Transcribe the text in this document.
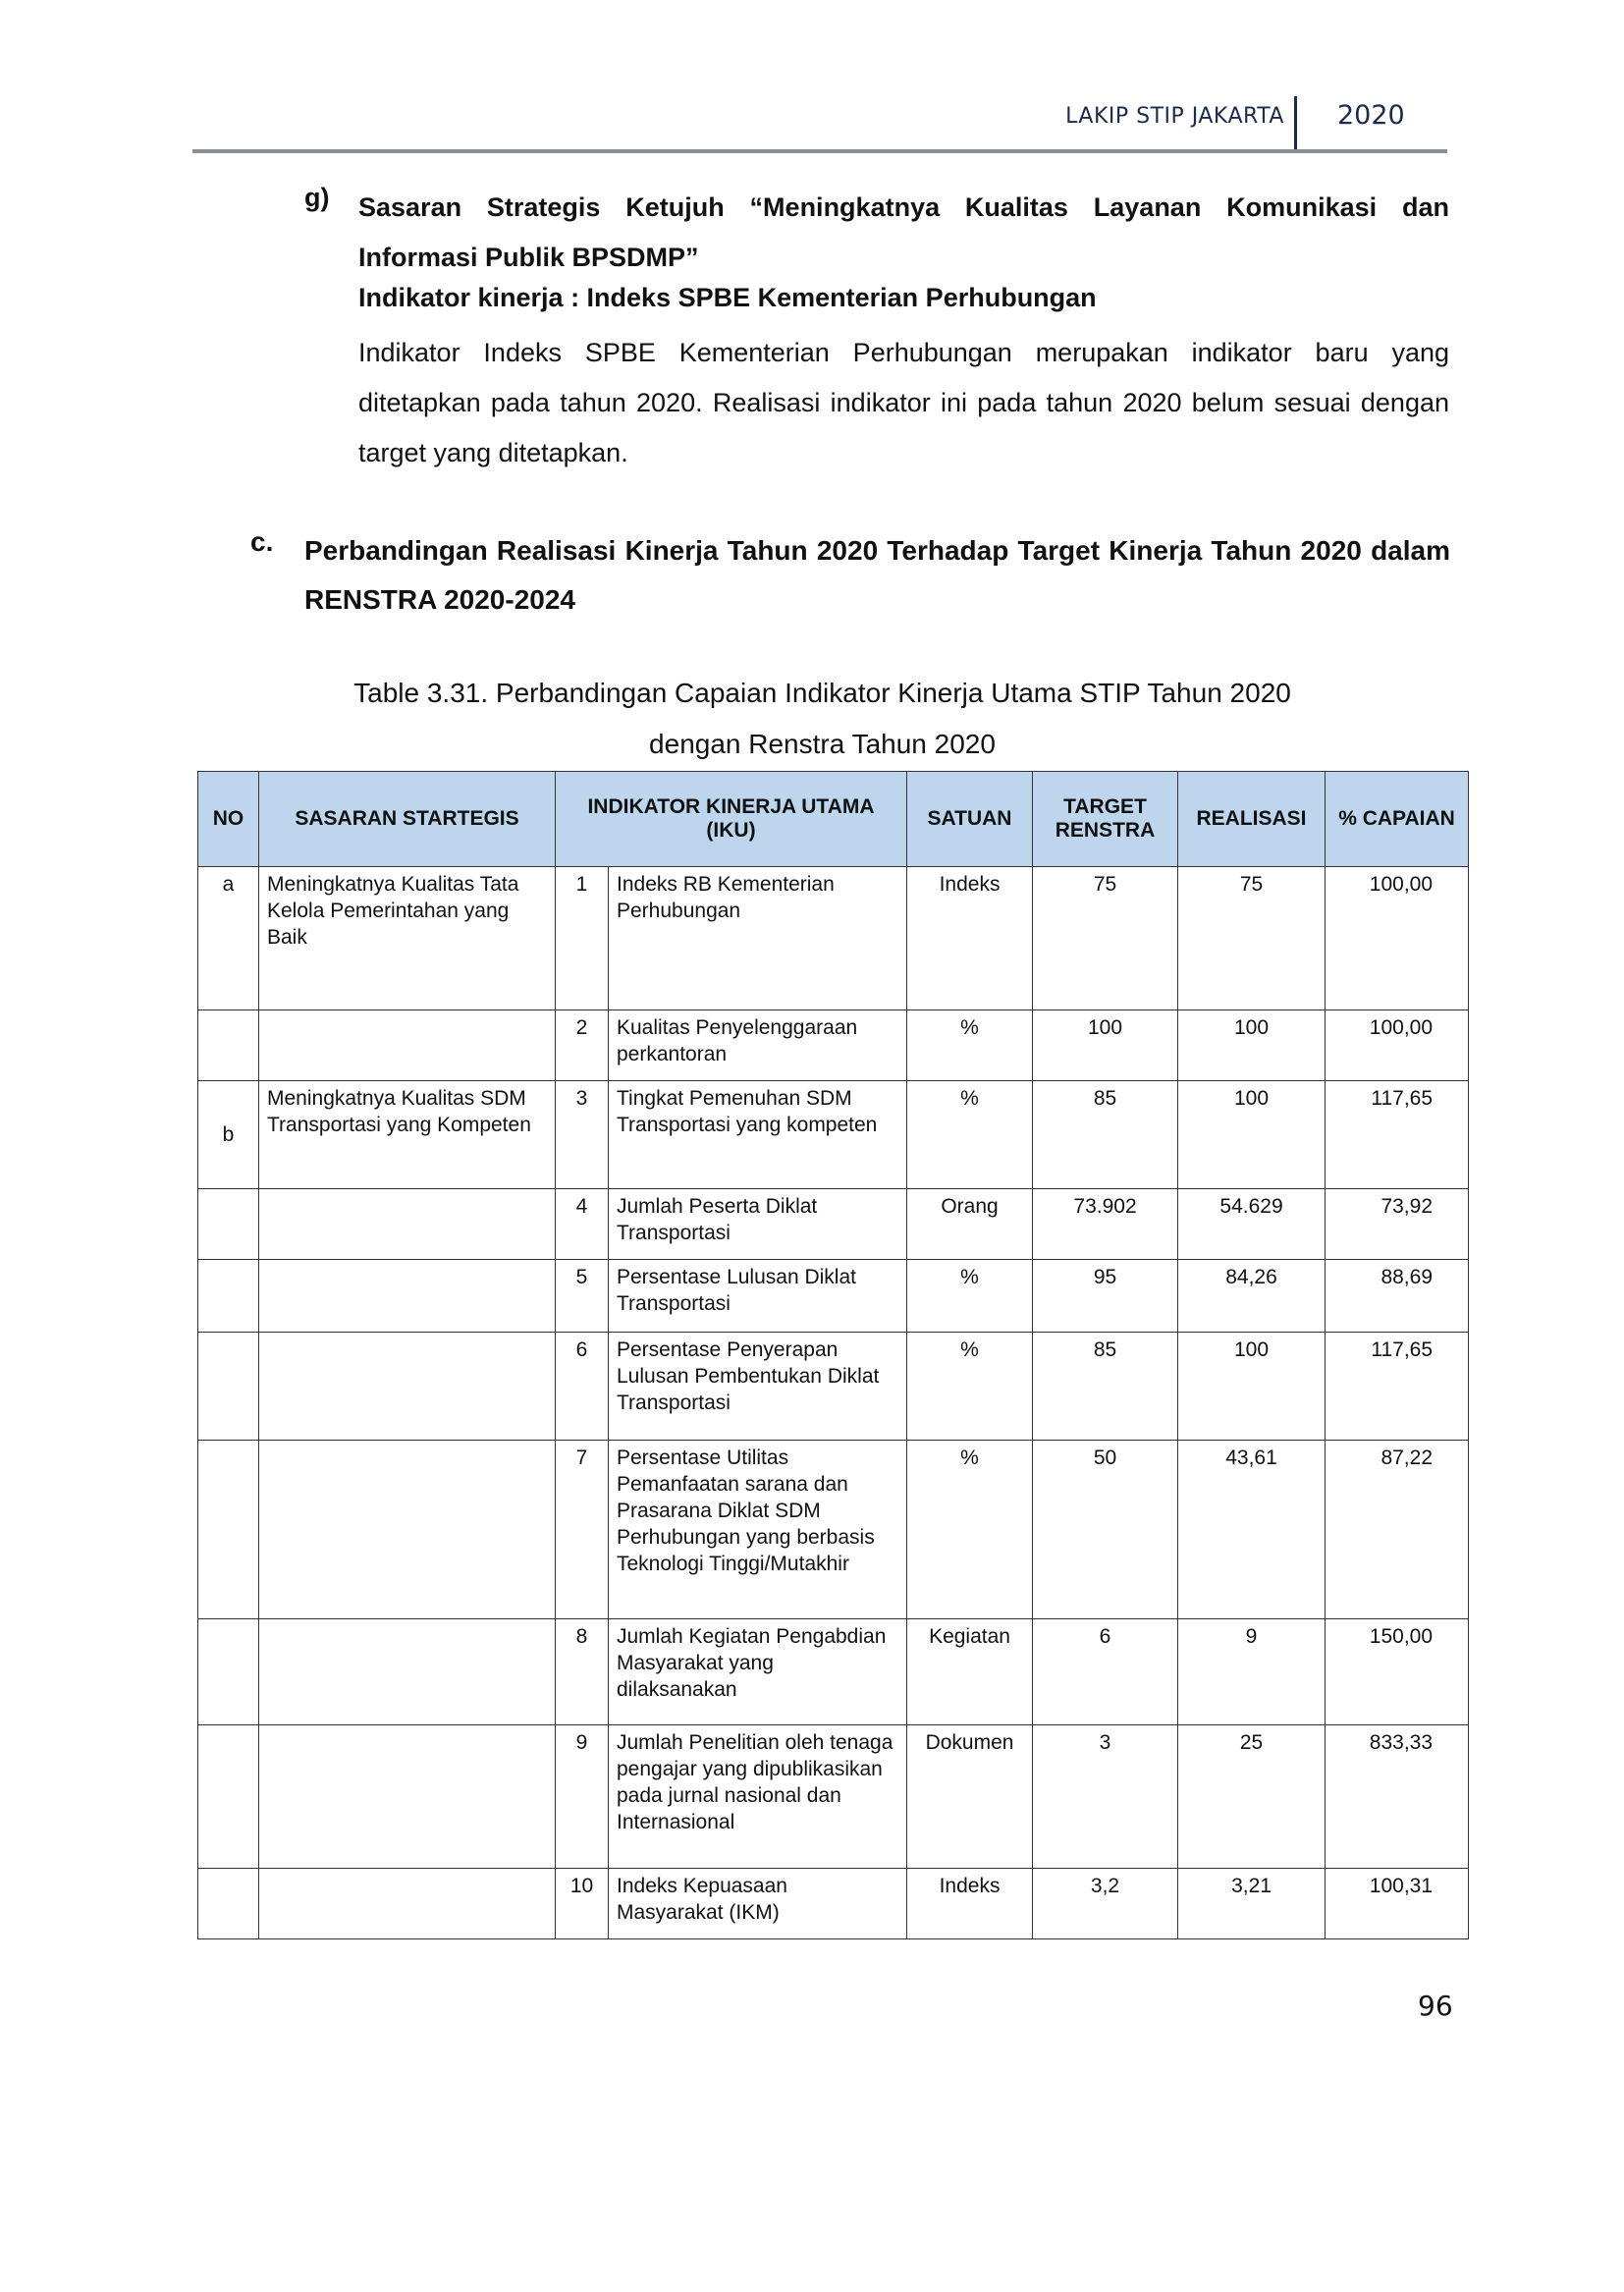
LAKIP STIP JAKARTA 2020
g) Sasaran Strategis Ketujuh “Meningkatnya Kualitas Layanan Komunikasi dan Informasi Publik BPSDMP”
Indikator kinerja : Indeks SPBE Kementerian Perhubungan
Indikator Indeks SPBE Kementerian Perhubungan merupakan indikator baru yang ditetapkan pada tahun 2020. Realisasi indikator ini pada tahun 2020 belum sesuai dengan target yang ditetapkan.
c. Perbandingan Realisasi Kinerja Tahun 2020 Terhadap Target Kinerja Tahun 2020 dalam RENSTRA 2020-2024
Table 3.31. Perbandingan Capaian Indikator Kinerja Utama STIP Tahun 2020
dengan Renstra Tahun 2020
NO	SASARAN STARTEGIS	INDIKATOR KINERJA UTAMA (IKU)		SATUAN	TARGET RENSTRA	REALISASI	% CAPAIAN
a	Meningkatnya Kualitas Tata Kelola Pemerintahan yang Baik	1	Indeks RB Kementerian Perhubungan	Indeks	75	75	100,00
		2	Kualitas Penyelenggaraan perkantoran	%	100	100	100,00
b	Meningkatnya Kualitas SDM Transportasi yang Kompeten	3	Tingkat Pemenuhan SDM Transportasi yang kompeten	%	85	100	117,65
		4	Jumlah Peserta Diklat Transportasi	Orang	73.902	54.629	73,92
		5	Persentase Lulusan Diklat Transportasi	%	95	84,26	88,69
		6	Persentase Penyerapan Lulusan Pembentukan Diklat Transportasi	%	85	100	117,65
		7	Persentase Utilitas Pemanfaatan sarana dan Prasarana Diklat SDM Perhubungan yang berbasis Teknologi Tinggi/Mutakhir	%	50	43,61	87,22
		8	Jumlah Kegiatan Pengabdian Masyarakat yang dilaksanakan	Kegiatan	6	9	150,00
		9	Jumlah Penelitian oleh tenaga pengajar yang dipublikasikan pada jurnal nasional dan Internasional	Dokumen	3	25	833,33
		10	Indeks Kepuasaan Masyarakat (IKM)	Indeks	3,2	3,21	100,31
96
